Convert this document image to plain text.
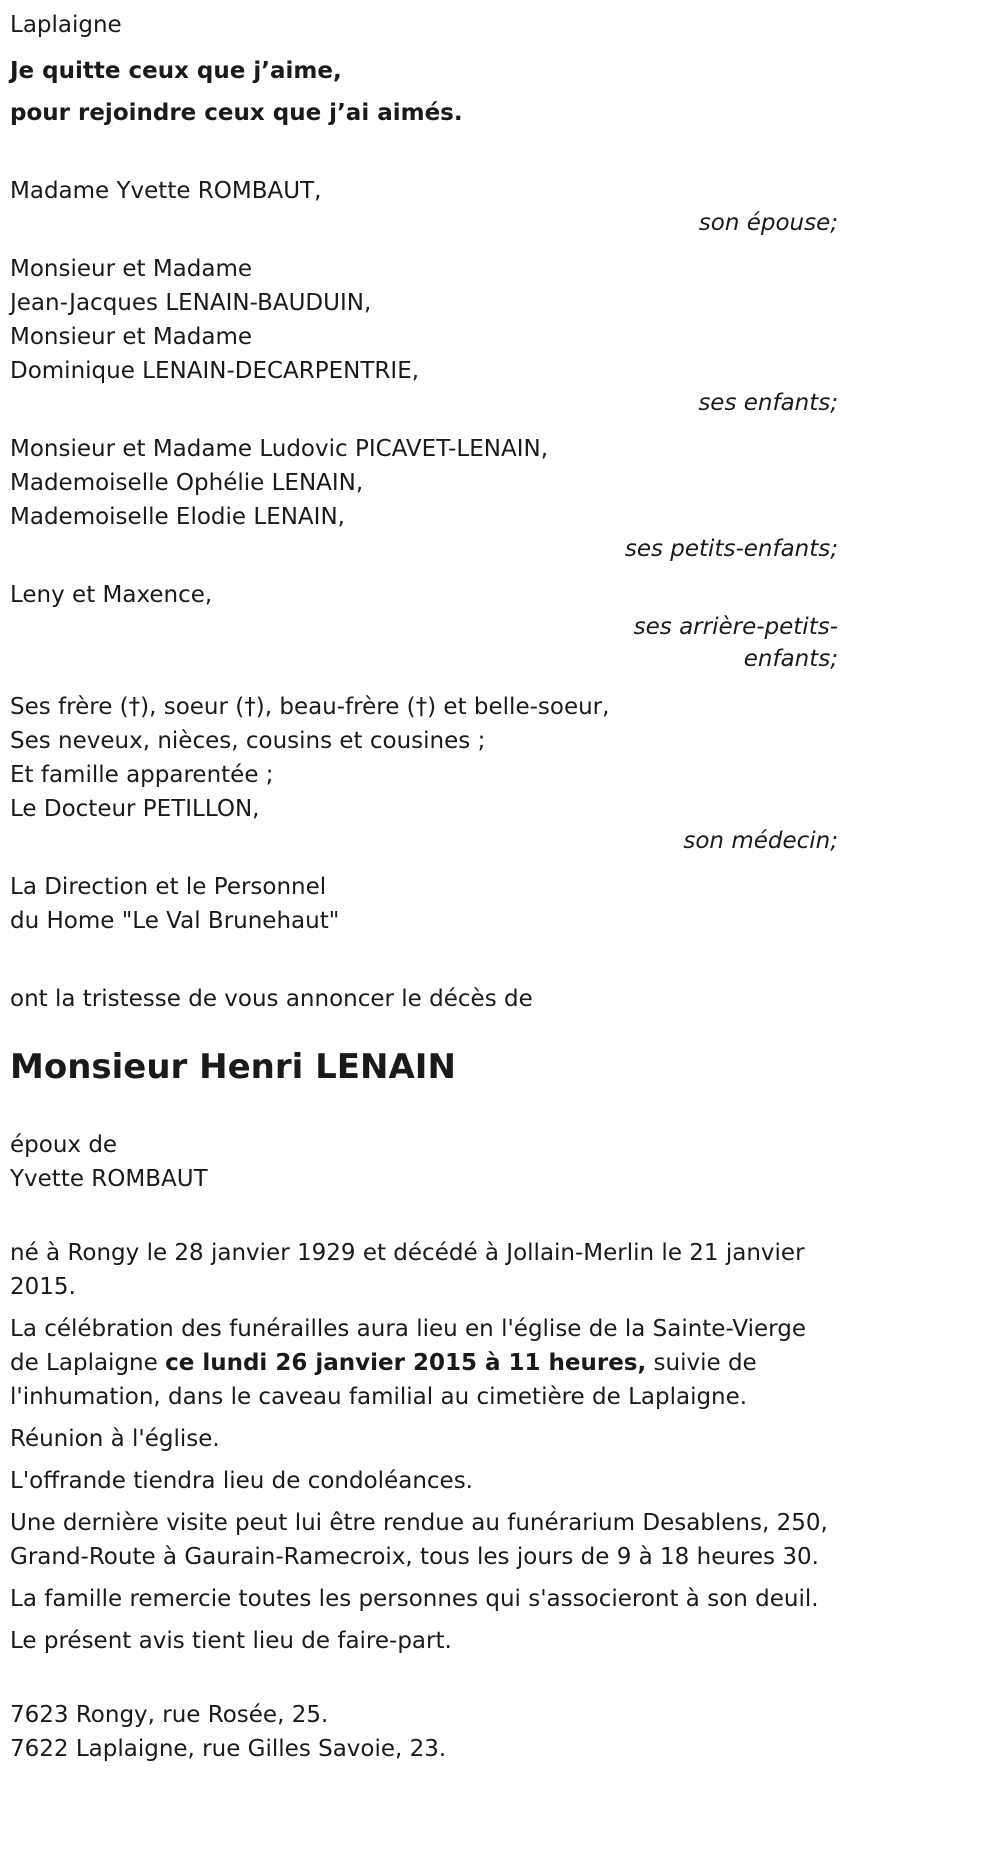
Laplaigne

Je quitte ceux que j’aime,

pour rejoindre ceux que j’ai aimés.

Madame Yvette ROMBAUT,

son épouse;

Monsieur et Madame

Jean-Jacques LENAIN-BAUDUIN,

Monsieur et Madame

Dominique LENAIN-DECARPENTRIE,

ses enfants;

Monsieur et Madame Ludovic PICAVET-LENAIN,

Mademoiselle Ophélie LENAIN,

Mademoiselle Elodie LENAIN,

ses petits-enfants;

Leny et Maxence,

ses arrière-petits-

enfants;

Ses frère (†), soeur (†), beau-frère (†) et belle-soeur,

Ses neveux, nièces, cousins et cousines ;

Et famille apparentée ;

Le Docteur PETILLON,

son médecin;

La Direction et le Personnel

du Home "Le Val Brunehaut"

ont la tristesse de vous annoncer le décès de

Monsieur Henri LENAIN

époux de

Yvette ROMBAUT

né à Rongy le 28 janvier 1929 et décédé à Jollain-Merlin le 21 janvier 2015.

La célébration des funérailles aura lieu en l'église de la Sainte-Vierge de Laplaigne ce lundi 26 janvier 2015 à 11 heures, suivie de l'inhumation, dans le caveau familial au cimetière de Laplaigne.

Réunion à l'église.

L'offrande tiendra lieu de condoléances.

Une dernière visite peut lui être rendue au funérarium Desablens, 250, Grand-Route à Gaurain-Ramecroix, tous les jours de 9 à 18 heures 30.

La famille remercie toutes les personnes qui s'associeront à son deuil.

Le présent avis tient lieu de faire-part.

7623 Rongy, rue Rosée, 25.

7622 Laplaigne, rue Gilles Savoie, 23.
